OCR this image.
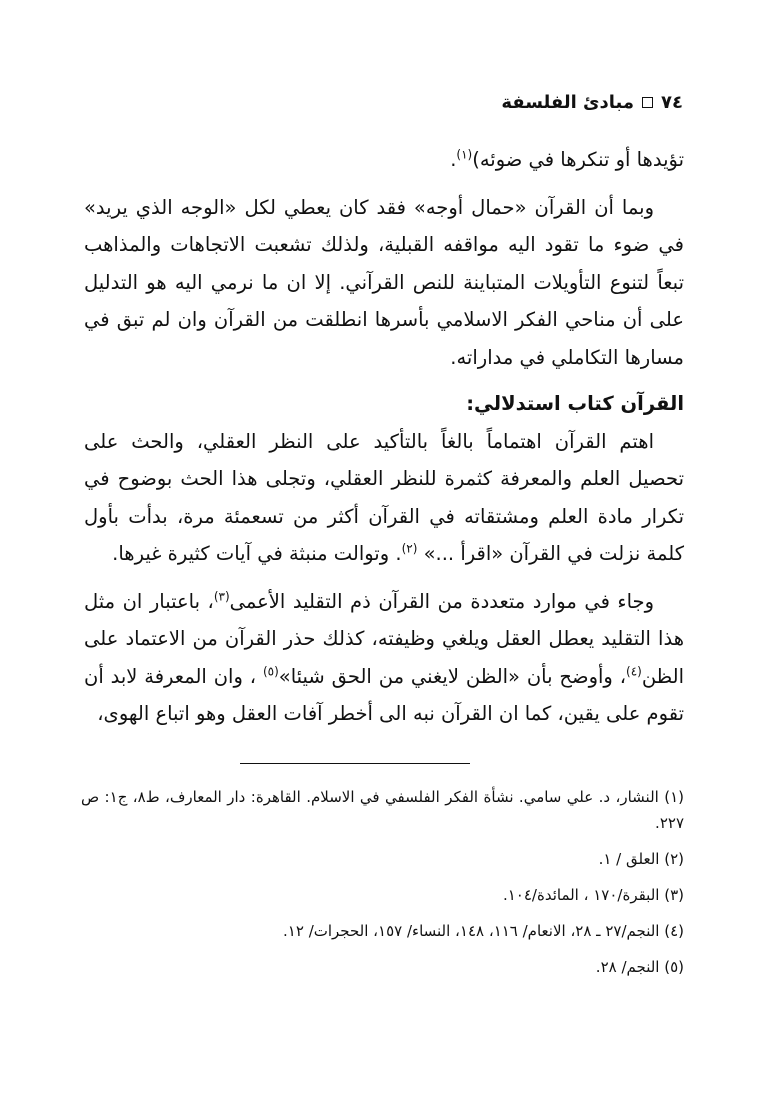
٧٤
مبادئ الفلسفة

تؤيدها أو تنكرها في ضوئه)$^{(١)}$.

وبما أن القرآن «حمال أوجه» فقد كان يعطي لكل «الوجه الذي يريد» في ضوء ما تقود اليه مواقفه القبلية، ولذلك تشعبت الاتجاهات والمذاهب تبعاً لتنوع التأويلات المتباينة للنص القرآني. إلا ان ما نرمي اليه هو التدليل على أن مناحي الفكر الاسلامي بأسرها انطلقت من القرآن وان لم تبق في مسارها التكاملي في مداراته.

القرآن كتاب استدلالي:

اهتم القرآن اهتماماً بالغاً بالتأكيد على النظر العقلي، والحث على تحصيل العلم والمعرفة كثمرة للنظر العقلي، وتجلى هذا الحث بوضوح في تكرار مادة العلم ومشتقاته في القرآن أكثر من تسعمئة مرة، بدأت بأول كلمة نزلت في القرآن «اقرأ ...» $^{(٢)}$. وتوالت منبثة في آيات كثيرة غيرها.

وجاء في موارد متعددة من القرآن ذم التقليد الأعمى$^{(٣)}$، باعتبار ان مثل هذا التقليد يعطل العقل ويلغي وظيفته، كذلك حذر القرآن من الاعتماد على الظن$^{(٤)}$، وأوضح بأن «الظن لايغني من الحق شيئا»$^{(٥)}$ ، وان المعرفة لابد أن تقوم على يقين، كما ان القرآن نبه الى أخطر آفات العقل وهو اتباع الهوى،

(١) النشار، د. علي سامي. نشأة الفكر الفلسفي في الاسلام. القاهرة: دار المعارف، ط٨، ج١: ص ٢٢٧.

(٢) العلق / ١.

(٣) البقرة/١٧٠ ، المائدة/١٠٤.

(٤) النجم/٢٧ ـ ٢٨، الانعام/ ١١٦، ١٤٨، النساء/ ١٥٧، الحجرات/ ١٢.

(٥) النجم/ ٢٨.
